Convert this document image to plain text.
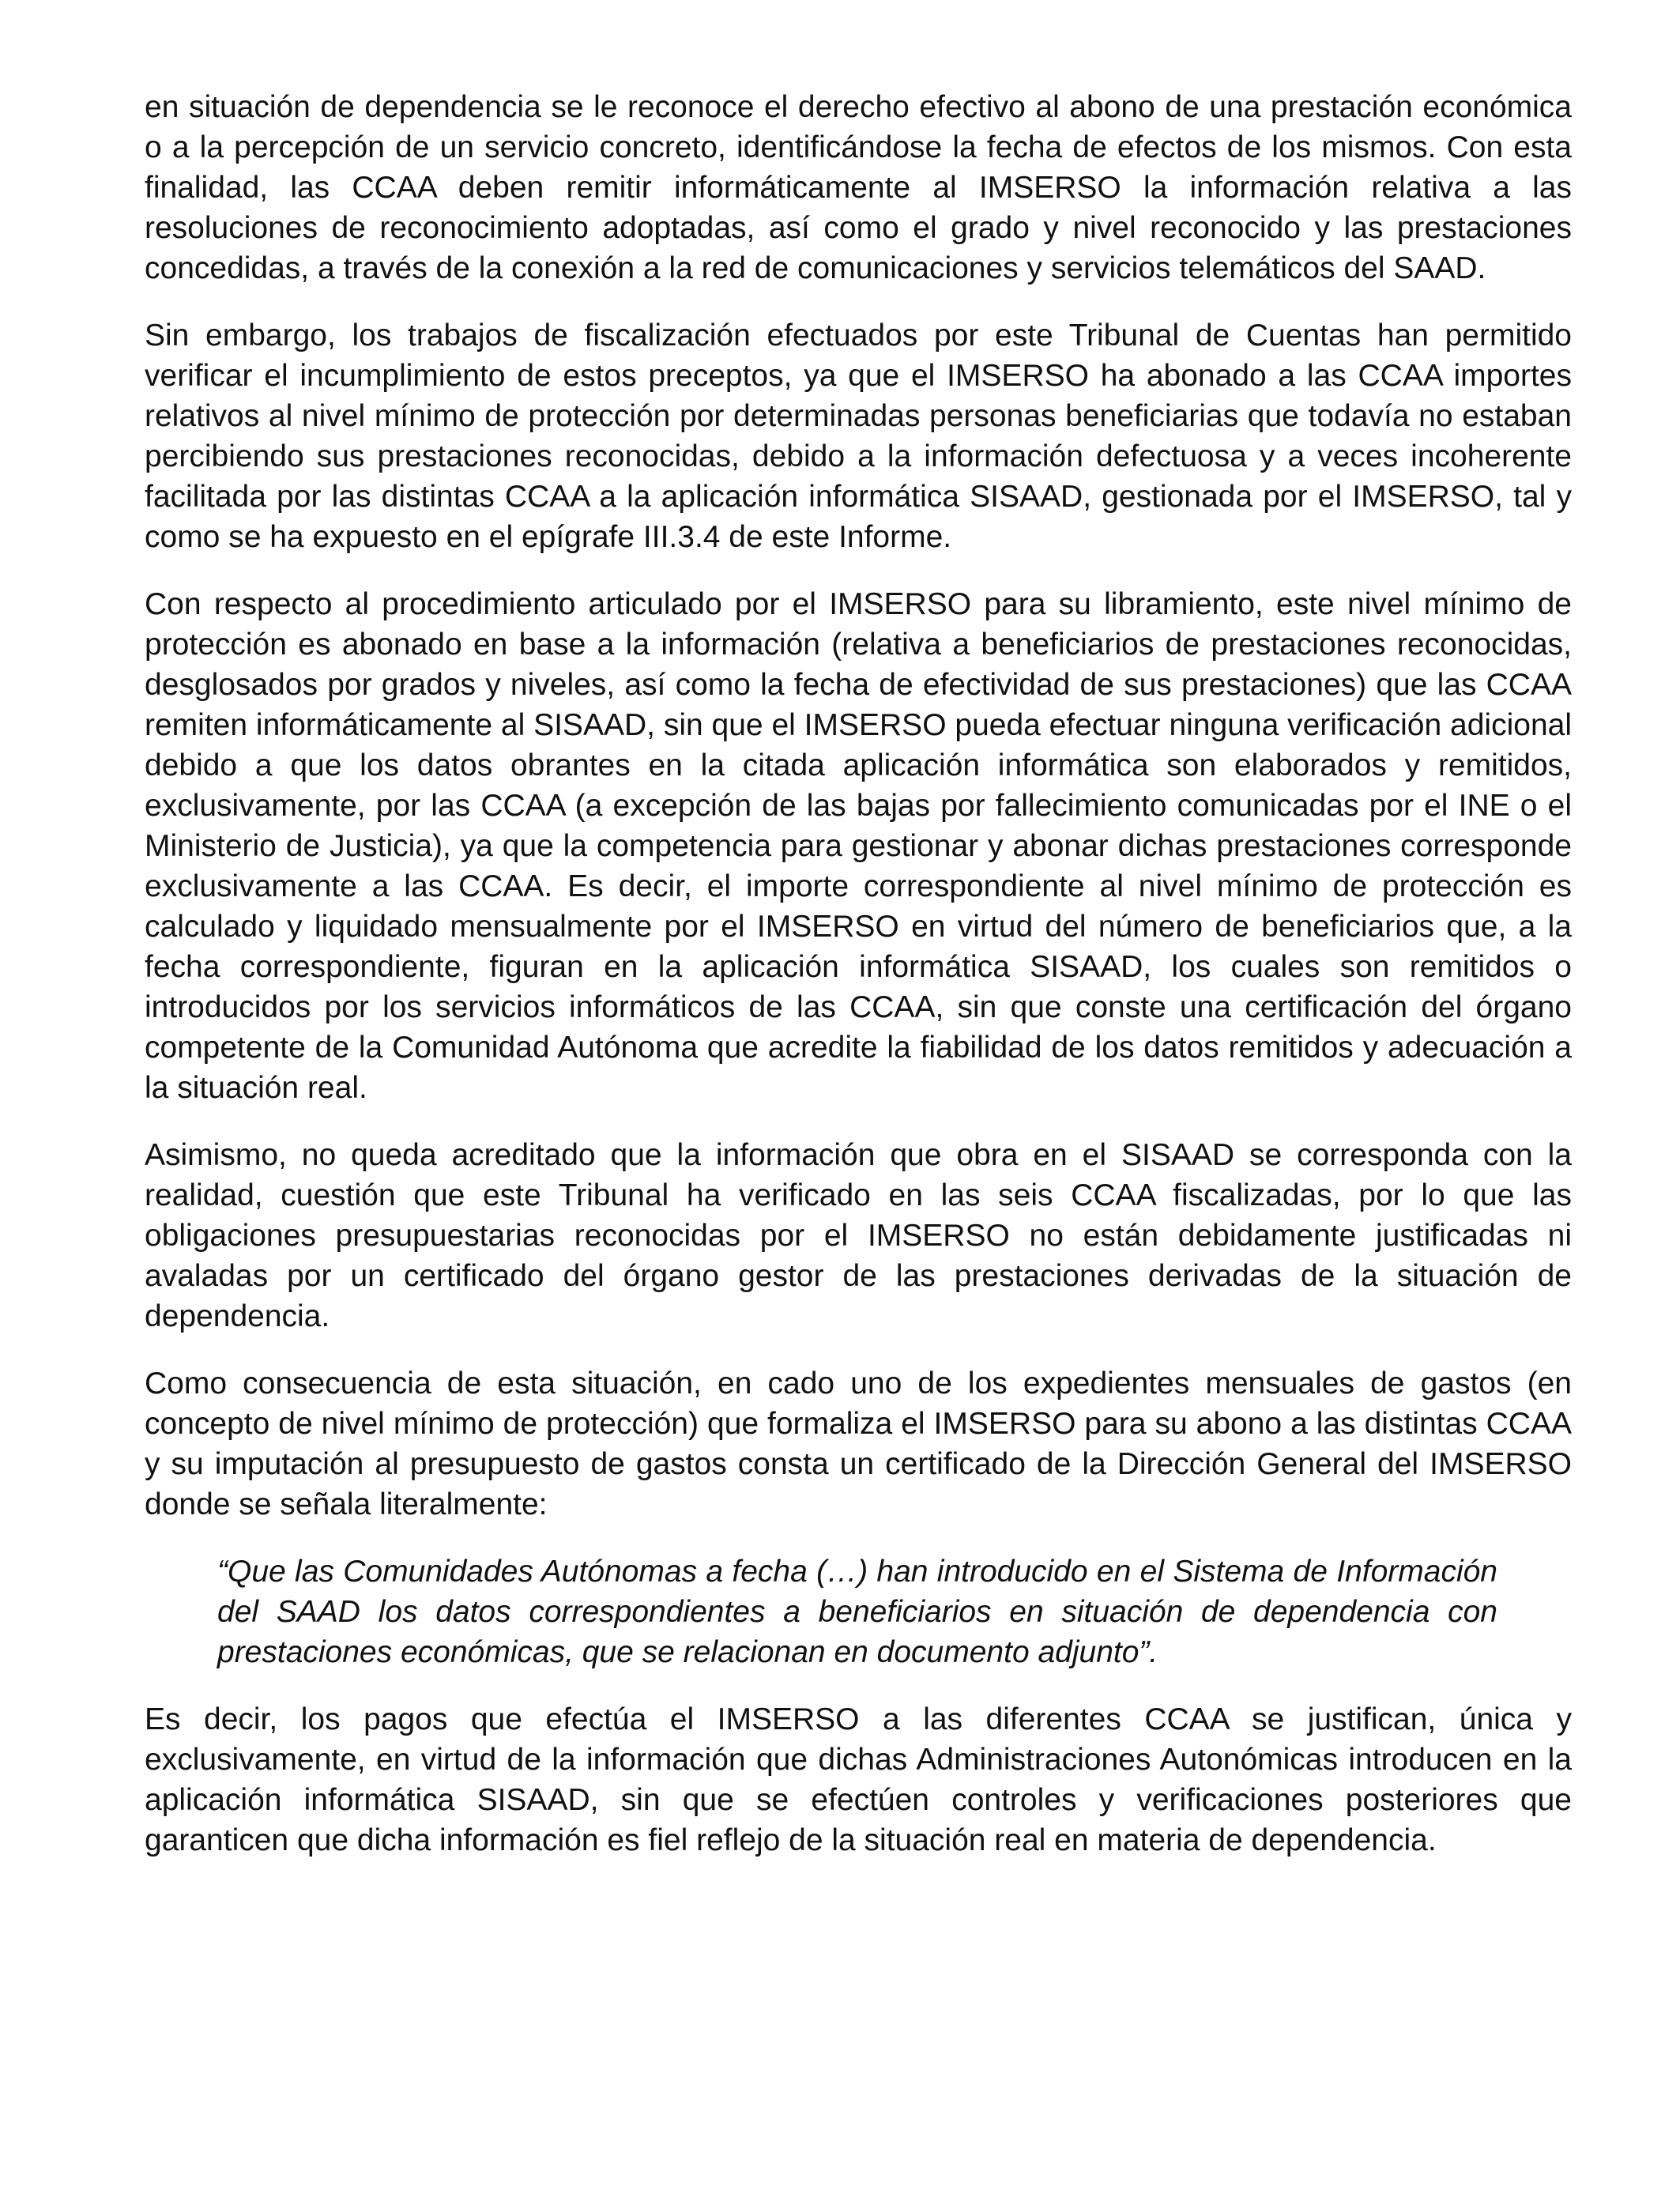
en situación de dependencia se le reconoce el derecho efectivo al abono de una prestación económica o a la percepción de un servicio concreto, identificándose la fecha de efectos de los mismos. Con esta finalidad, las CCAA deben remitir informáticamente al IMSERSO la información relativa a las resoluciones de reconocimiento adoptadas, así como el grado y nivel reconocido y las prestaciones concedidas, a través de la conexión a la red de comunicaciones y servicios telemáticos del SAAD.

Sin embargo, los trabajos de fiscalización efectuados por este Tribunal de Cuentas han permitido verificar el incumplimiento de estos preceptos, ya que el IMSERSO ha abonado a las CCAA importes relativos al nivel mínimo de protección por determinadas personas beneficiarias que todavía no estaban percibiendo sus prestaciones reconocidas, debido a la información defectuosa y a veces incoherente facilitada por las distintas CCAA a la aplicación informática SISAAD, gestionada por el IMSERSO, tal y como se ha expuesto en el epígrafe III.3.4 de este Informe.

Con respecto al procedimiento articulado por el IMSERSO para su libramiento, este nivel mínimo de protección es abonado en base a la información (relativa a beneficiarios de prestaciones reconocidas, desglosados por grados y niveles, así como la fecha de efectividad de sus prestaciones) que las CCAA remiten informáticamente al SISAAD, sin que el IMSERSO pueda efectuar ninguna verificación adicional debido a que los datos obrantes en la citada aplicación informática son elaborados y remitidos, exclusivamente, por las CCAA (a excepción de las bajas por fallecimiento comunicadas por el INE o el Ministerio de Justicia), ya que la competencia para gestionar y abonar dichas prestaciones corresponde exclusivamente a las CCAA. Es decir, el importe correspondiente al nivel mínimo de protección es calculado y liquidado mensualmente por el IMSERSO en virtud del número de beneficiarios que, a la fecha correspondiente, figuran en la aplicación informática SISAAD, los cuales son remitidos o introducidos por los servicios informáticos de las CCAA, sin que conste una certificación del órgano competente de la Comunidad Autónoma que acredite la fiabilidad de los datos remitidos y adecuación a la situación real.

Asimismo, no queda acreditado que la información que obra en el SISAAD se corresponda con la realidad, cuestión que este Tribunal ha verificado en las seis CCAA fiscalizadas, por lo que las obligaciones presupuestarias reconocidas por el IMSERSO no están debidamente justificadas ni avaladas por un certificado del órgano gestor de las prestaciones derivadas de la situación de dependencia.

Como consecuencia de esta situación, en cado uno de los expedientes mensuales de gastos (en concepto de nivel mínimo de protección) que formaliza el IMSERSO para su abono a las distintas CCAA y su imputación al presupuesto de gastos consta un certificado de la Dirección General del IMSERSO donde se señala literalmente:

“Que las Comunidades Autónomas a fecha (…) han introducido en el Sistema de Información del SAAD los datos correspondientes a beneficiarios en situación de dependencia con prestaciones económicas, que se relacionan en documento adjunto”.

Es decir, los pagos que efectúa el IMSERSO a las diferentes CCAA se justifican, única y exclusivamente, en virtud de la información que dichas Administraciones Autonómicas introducen en la aplicación informática SISAAD, sin que se efectúen controles y verificaciones posteriores que garanticen que dicha información es fiel reflejo de la situación real en materia de dependencia.
